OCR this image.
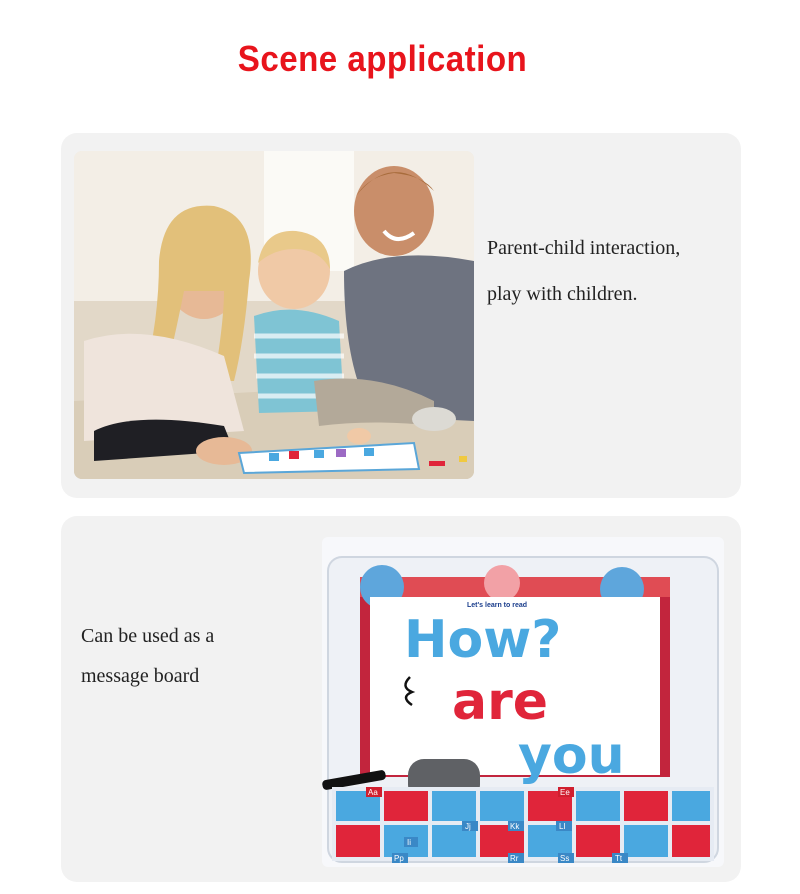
Scene application
Parent-child interaction,
play with children.
Can be used as a
message board
Let's learn to read
How?
are
you
Aa	Ee
Kk	Ll
Pp	Rr	Ss	Tt
Jj
Ii
